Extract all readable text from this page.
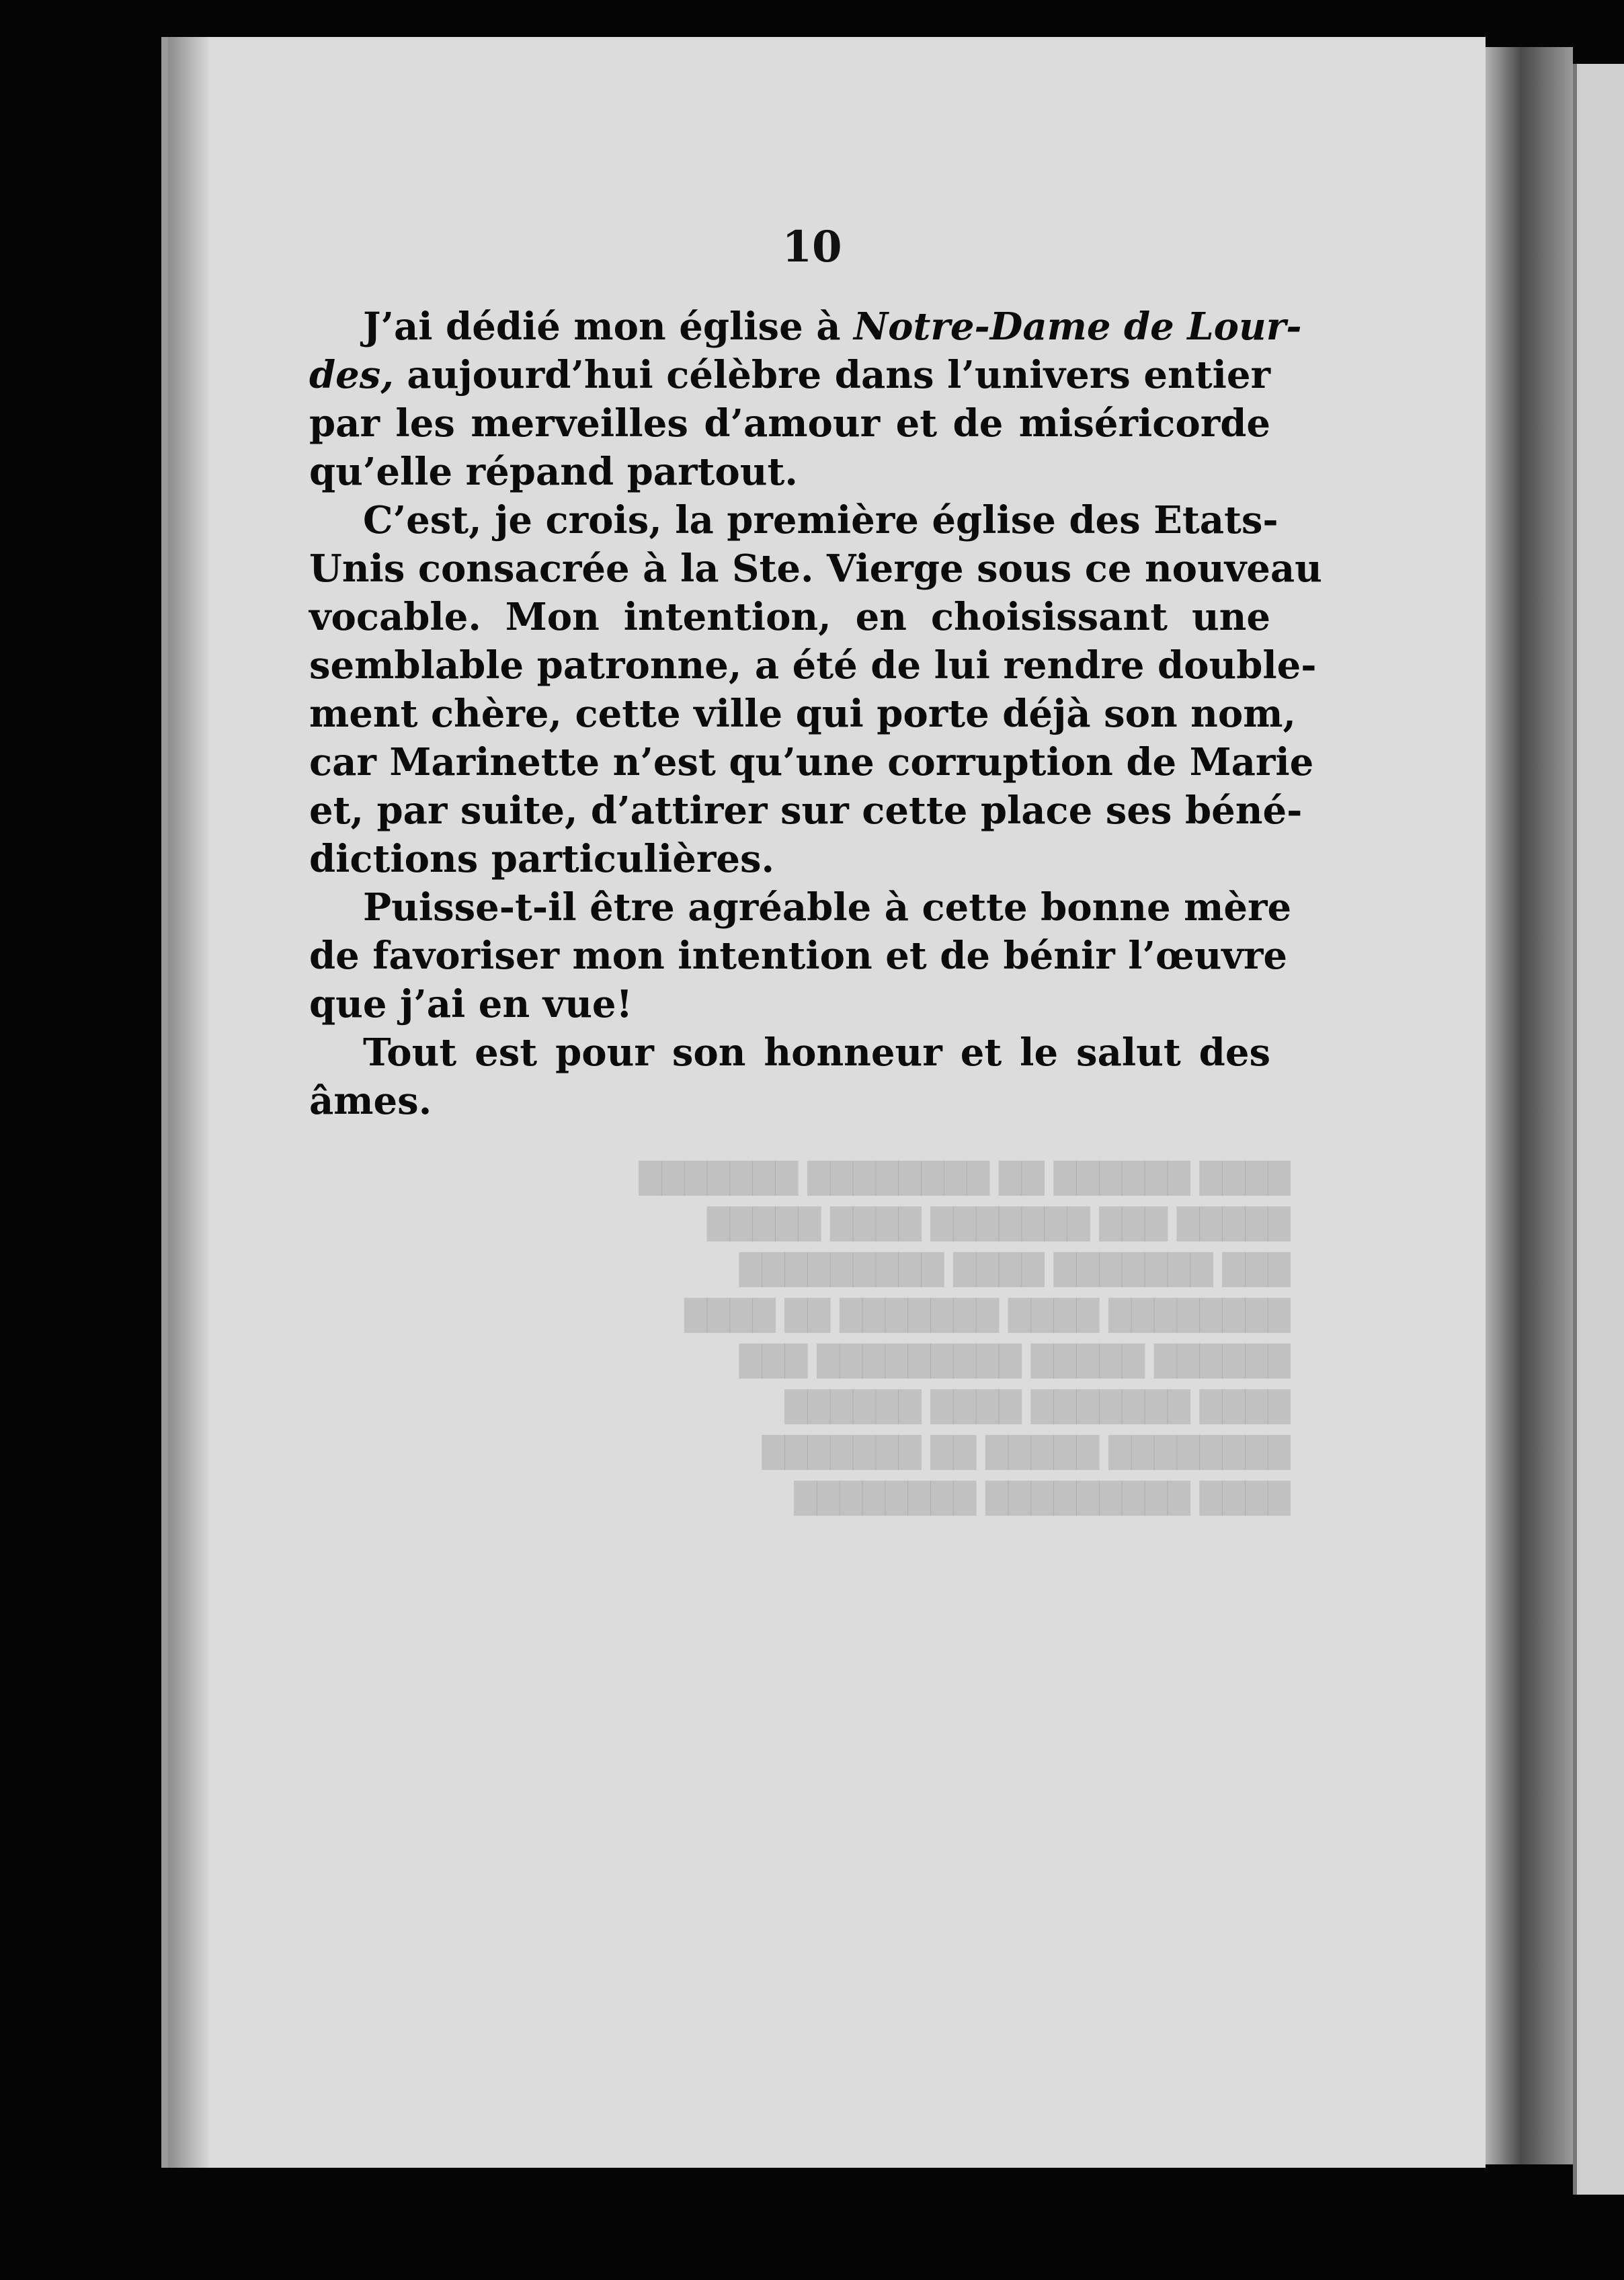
████ ██████ ██ ████████ ███████
█████ ███ ███████ ████ █████
███ ███████ ████ █████████
████████ ████ ███████ ██ ████
██████ █████ █████████ ███
████ ███████ ████ ██████
████████ █████ ██ ███████
████ █████████ ████████
10
J’ai dédié mon église à Notre-Dame de Lour-
des, aujourd’hui célèbre dans l’univers entier
par les merveilles d’amour et de miséricorde
qu’elle répand partout.
C’est, je crois, la première église des Etats-
Unis consacrée à la Ste. Vierge sous ce nouveau
vocable. Mon intention, en choisissant une
semblable patronne, a été de lui rendre double-
ment chère, cette ville qui porte déjà son nom,
car Marinette n’est qu’une corruption de Marie
et, par suite, d’attirer sur cette place ses béné-
dictions particulières.
Puisse-t-il être agréable à cette bonne mère
de favoriser mon intention et de bénir l’œuvre
que j’ai en vue!
Tout est pour son honneur et le salut des
âmes.
